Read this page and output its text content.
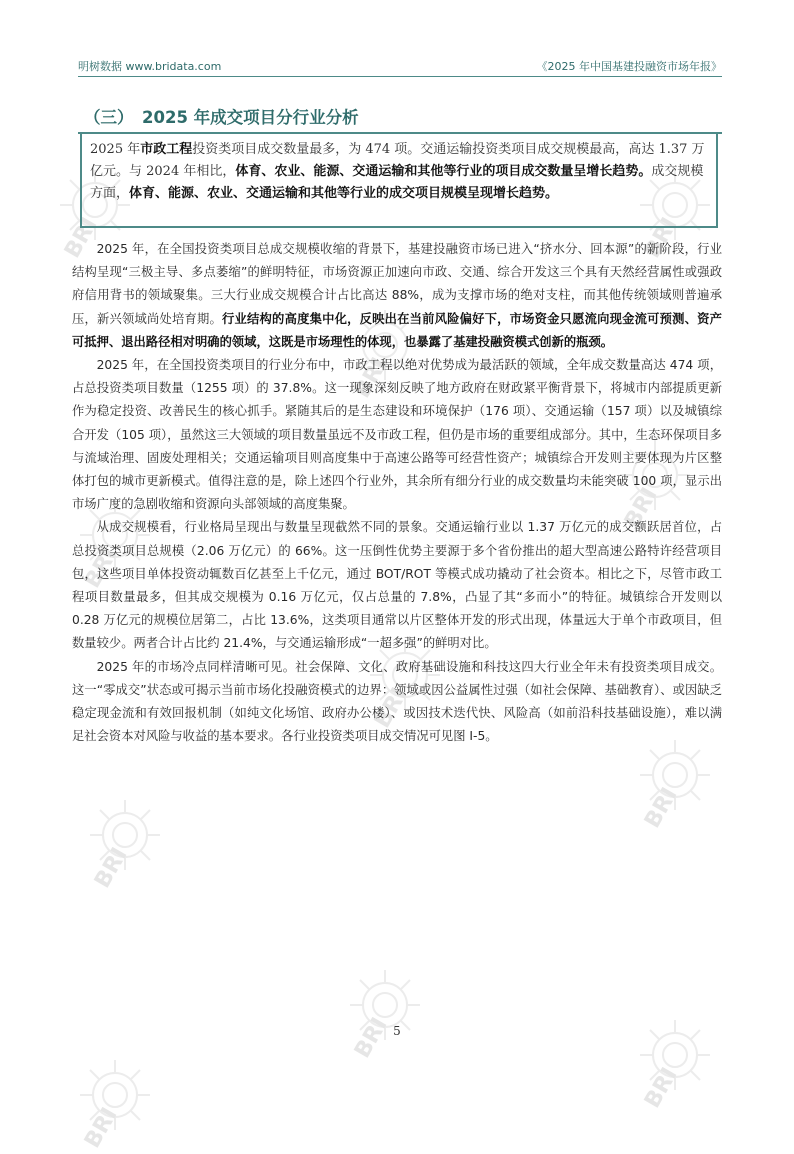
BRI	BRI
BRI
BRI
BRI
BRI
BRI
BRI
BRI
BRI
BRI
明树数据 www.bridata.com	《2025 年中国基建投融资市场年报》
（三） 2025 年成交项目分行业分析
2025 年市政工程投资类项目成交数量最多，为 474 项。交通运输投资类项目成交规模最高，高达 1.37 万亿元。与 2024 年相比，体育、农业、能源、交通运输和其他等行业的项目成交数量呈增长趋势。成交规模方面，体育、能源、农业、交通运输和其他等行业的成交项目规模呈现增长趋势。

2025 年，在全国投资类项目总成交规模收缩的背景下，基建投融资市场已进入“挤水分、回本源”的新阶段，行业结构呈现“三极主导、多点萎缩”的鲜明特征，市场资源正加速向市政、交通、综合开发这三个具有天然经营属性或强政府信用背书的领域聚集。三大行业成交规模合计占比高达 88%，成为支撑市场的绝对支柱，而其他传统领域则普遍承压，新兴领域尚处培育期。行业结构的高度集中化，反映出在当前风险偏好下，市场资金只愿流向现金流可预测、资产可抵押、退出路径相对明确的领域，这既是市场理性的体现，也暴露了基建投融资模式创新的瓶颈。

2025 年，在全国投资类项目的行业分布中，市政工程以绝对优势成为最活跃的领域，全年成交数量高达 474 项，占总投资类项目数量（1255 项）的 37.8%。这一现象深刻反映了地方政府在财政紧平衡背景下，将城市内部提质更新作为稳定投资、改善民生的核心抓手。紧随其后的是生态建设和环境保护（176 项）、交通运输（157 项）以及城镇综合开发（105 项），虽然这三大领域的项目数量虽远不及市政工程，但仍是市场的重要组成部分。其中，生态环保项目多与流域治理、固废处理相关；交通运输项目则高度集中于高速公路等可经营性资产；城镇综合开发则主要体现为片区整体打包的城市更新模式。值得注意的是，除上述四个行业外，其余所有细分行业的成交数量均未能突破 100 项，显示出市场广度的急剧收缩和资源向头部领域的高度集聚。

从成交规模看，行业格局呈现出与数量呈现截然不同的景象。交通运输行业以 1.37 万亿元的成交额跃居首位，占总投资类项目总规模（2.06 万亿元）的 66%。这一压倒性优势主要源于多个省份推出的超大型高速公路特许经营项目包，这些项目单体投资动辄数百亿甚至上千亿元，通过 BOT/ROT 等模式成功撬动了社会资本。相比之下，尽管市政工程项目数量最多，但其成交规模为 0.16 万亿元，仅占总量的 7.8%，凸显了其“多而小”的特征。城镇综合开发则以 0.28 万亿元的规模位居第二，占比 13.6%，这类项目通常以片区整体开发的形式出现，体量远大于单个市政项目，但数量较少。两者合计占比约 21.4%，与交通运输形成“一超多强”的鲜明对比。

2025 年的市场冷点同样清晰可见。社会保障、文化、政府基础设施和科技这四大行业全年未有投资类项目成交。这一“零成交”状态或可揭示当前市场化投融资模式的边界：领域或因公益属性过强（如社会保障、基础教育）、或因缺乏稳定现金流和有效回报机制（如纯文化场馆、政府办公楼）、或因技术迭代快、风险高（如前沿科技基础设施），难以满足社会资本对风险与收益的基本要求。各行业投资类项目成交情况可见图 I-5。

5
